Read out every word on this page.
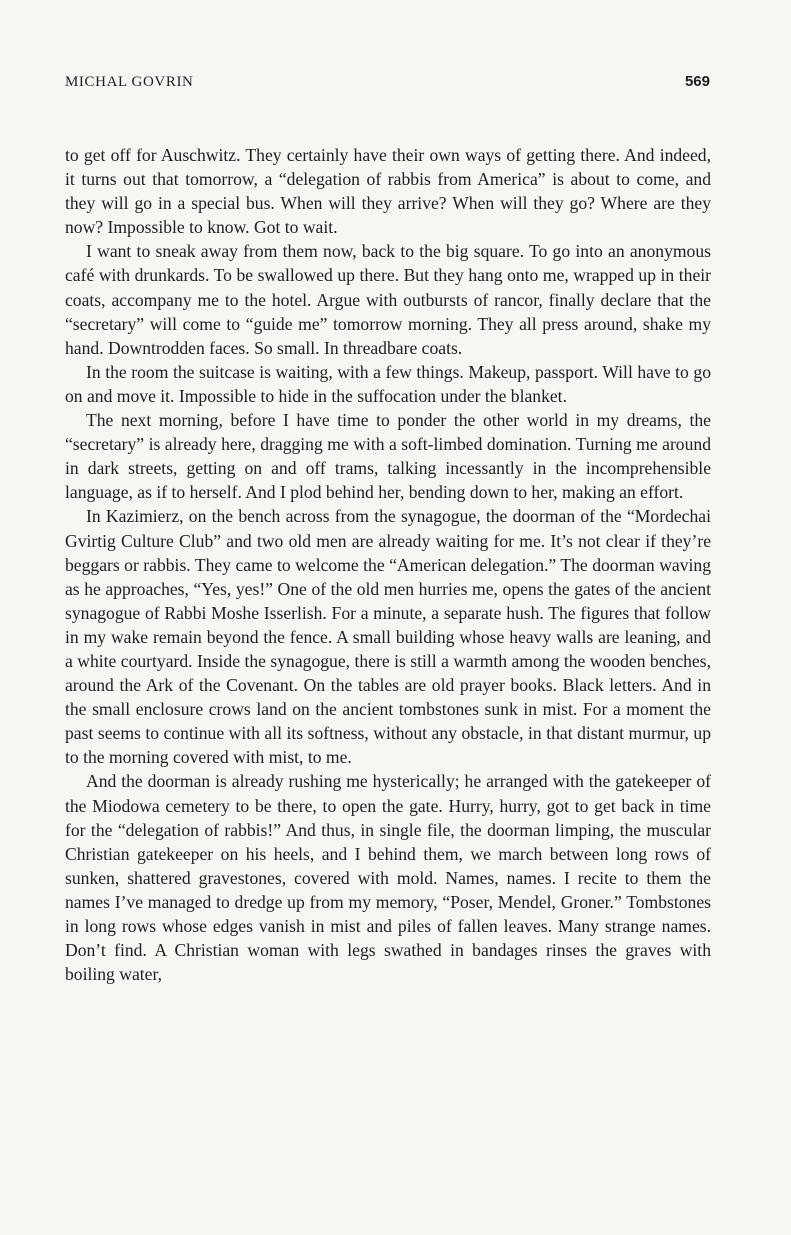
MICHAL GOVRIN	569

to get off for Auschwitz. They certainly have their own ways of getting there. And indeed, it turns out that tomorrow, a “delegation of rabbis from America” is about to come, and they will go in a special bus. When will they arrive? When will they go? Where are they now? Impossible to know. Got to wait.

I want to sneak away from them now, back to the big square. To go into an anonymous café with drunkards. To be swallowed up there. But they hang onto me, wrapped up in their coats, accompany me to the hotel. Argue with outbursts of rancor, finally declare that the “secretary” will come to “guide me” tomorrow morning. They all press around, shake my hand. Downtrodden faces. So small. In threadbare coats.

In the room the suitcase is waiting, with a few things. Makeup, passport. Will have to go on and move it. Impossible to hide in the suffocation under the blanket.

The next morning, before I have time to ponder the other world in my dreams, the “secretary” is already here, dragging me with a soft-limbed domination. Turning me around in dark streets, getting on and off trams, talking incessantly in the incomprehensible language, as if to herself. And I plod behind her, bending down to her, making an effort.

In Kazimierz, on the bench across from the synagogue, the doorman of the “Mordechai Gvirtig Culture Club” and two old men are already waiting for me. It’s not clear if they’re beggars or rabbis. They came to welcome the “American delegation.” The doorman waving as he approaches, “Yes, yes!” One of the old men hurries me, opens the gates of the ancient synagogue of Rabbi Moshe Isserlish. For a minute, a separate hush. The figures that follow in my wake remain beyond the fence. A small building whose heavy walls are leaning, and a white courtyard. Inside the synagogue, there is still a warmth among the wooden benches, around the Ark of the Covenant. On the tables are old prayer books. Black letters. And in the small enclosure crows land on the ancient tombstones sunk in mist. For a moment the past seems to continue with all its softness, without any obstacle, in that distant murmur, up to the morning covered with mist, to me.

And the doorman is already rushing me hysterically; he arranged with the gatekeeper of the Miodowa cemetery to be there, to open the gate. Hurry, hurry, got to get back in time for the “delegation of rabbis!” And thus, in single file, the doorman limping, the muscular Christian gatekeeper on his heels, and I behind them, we march between long rows of sunken, shattered gravestones, covered with mold. Names, names. I recite to them the names I’ve managed to dredge up from my memory, “Poser, Mendel, Groner.” Tombstones in long rows whose edges vanish in mist and piles of fallen leaves. Many strange names. Don’t find. A Christian woman with legs swathed in bandages rinses the graves with boiling water,
